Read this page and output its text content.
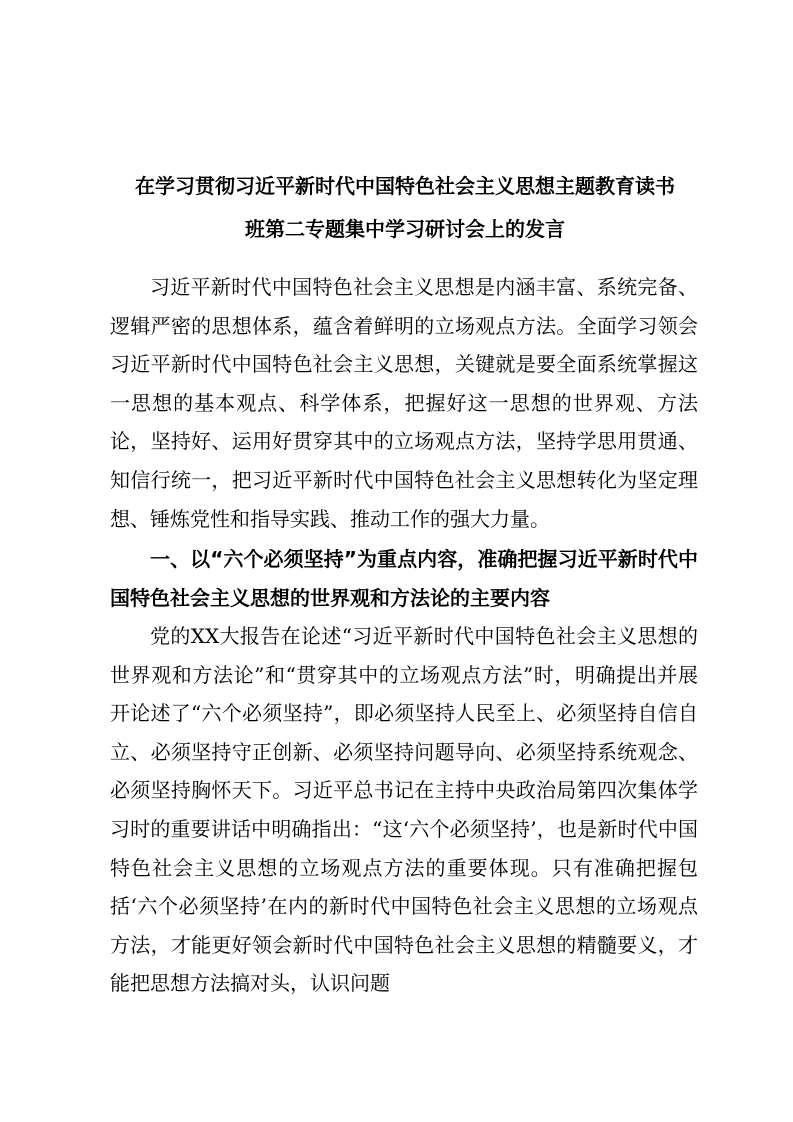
在学习贯彻习近平新时代中国特色社会主义思想主题教育读书
班第二专题集中学习研讨会上的发言

习近平新时代中国特色社会主义思想是内涵丰富、系统完备、逻辑严密的思想体系，蕴含着鲜明的立场观点方法。全面学习领会习近平新时代中国特色社会主义思想，关键就是要全面系统掌握这一思想的基本观点、科学体系，把握好这一思想的世界观、方法论，坚持好、运用好贯穿其中的立场观点方法，坚持学思用贯通、知信行统一，把习近平新时代中国特色社会主义思想转化为坚定理想、锤炼党性和指导实践、推动工作的强大力量。

一、以“六个必须坚持”为重点内容，准确把握习近平新时代中国特色社会主义思想的世界观和方法论的主要内容

党的XX大报告在论述“习近平新时代中国特色社会主义思想的世界观和方法论”和“贯穿其中的立场观点方法”时，明确提出并展开论述了“六个必须坚持”，即必须坚持人民至上、必须坚持自信自立、必须坚持守正创新、必须坚持问题导向、必须坚持系统观念、必须坚持胸怀天下。习近平总书记在主持中央政治局第四次集体学习时的重要讲话中明确指出：“这‘六个必须坚持’，也是新时代中国特色社会主义思想的立场观点方法的重要体现。只有准确把握包括‘六个必须坚持’在内的新时代中国特色社会主义思想的立场观点方法，才能更好领会新时代中国特色社会主义思想的精髓要义，才能把思想方法搞对头，认识问题
